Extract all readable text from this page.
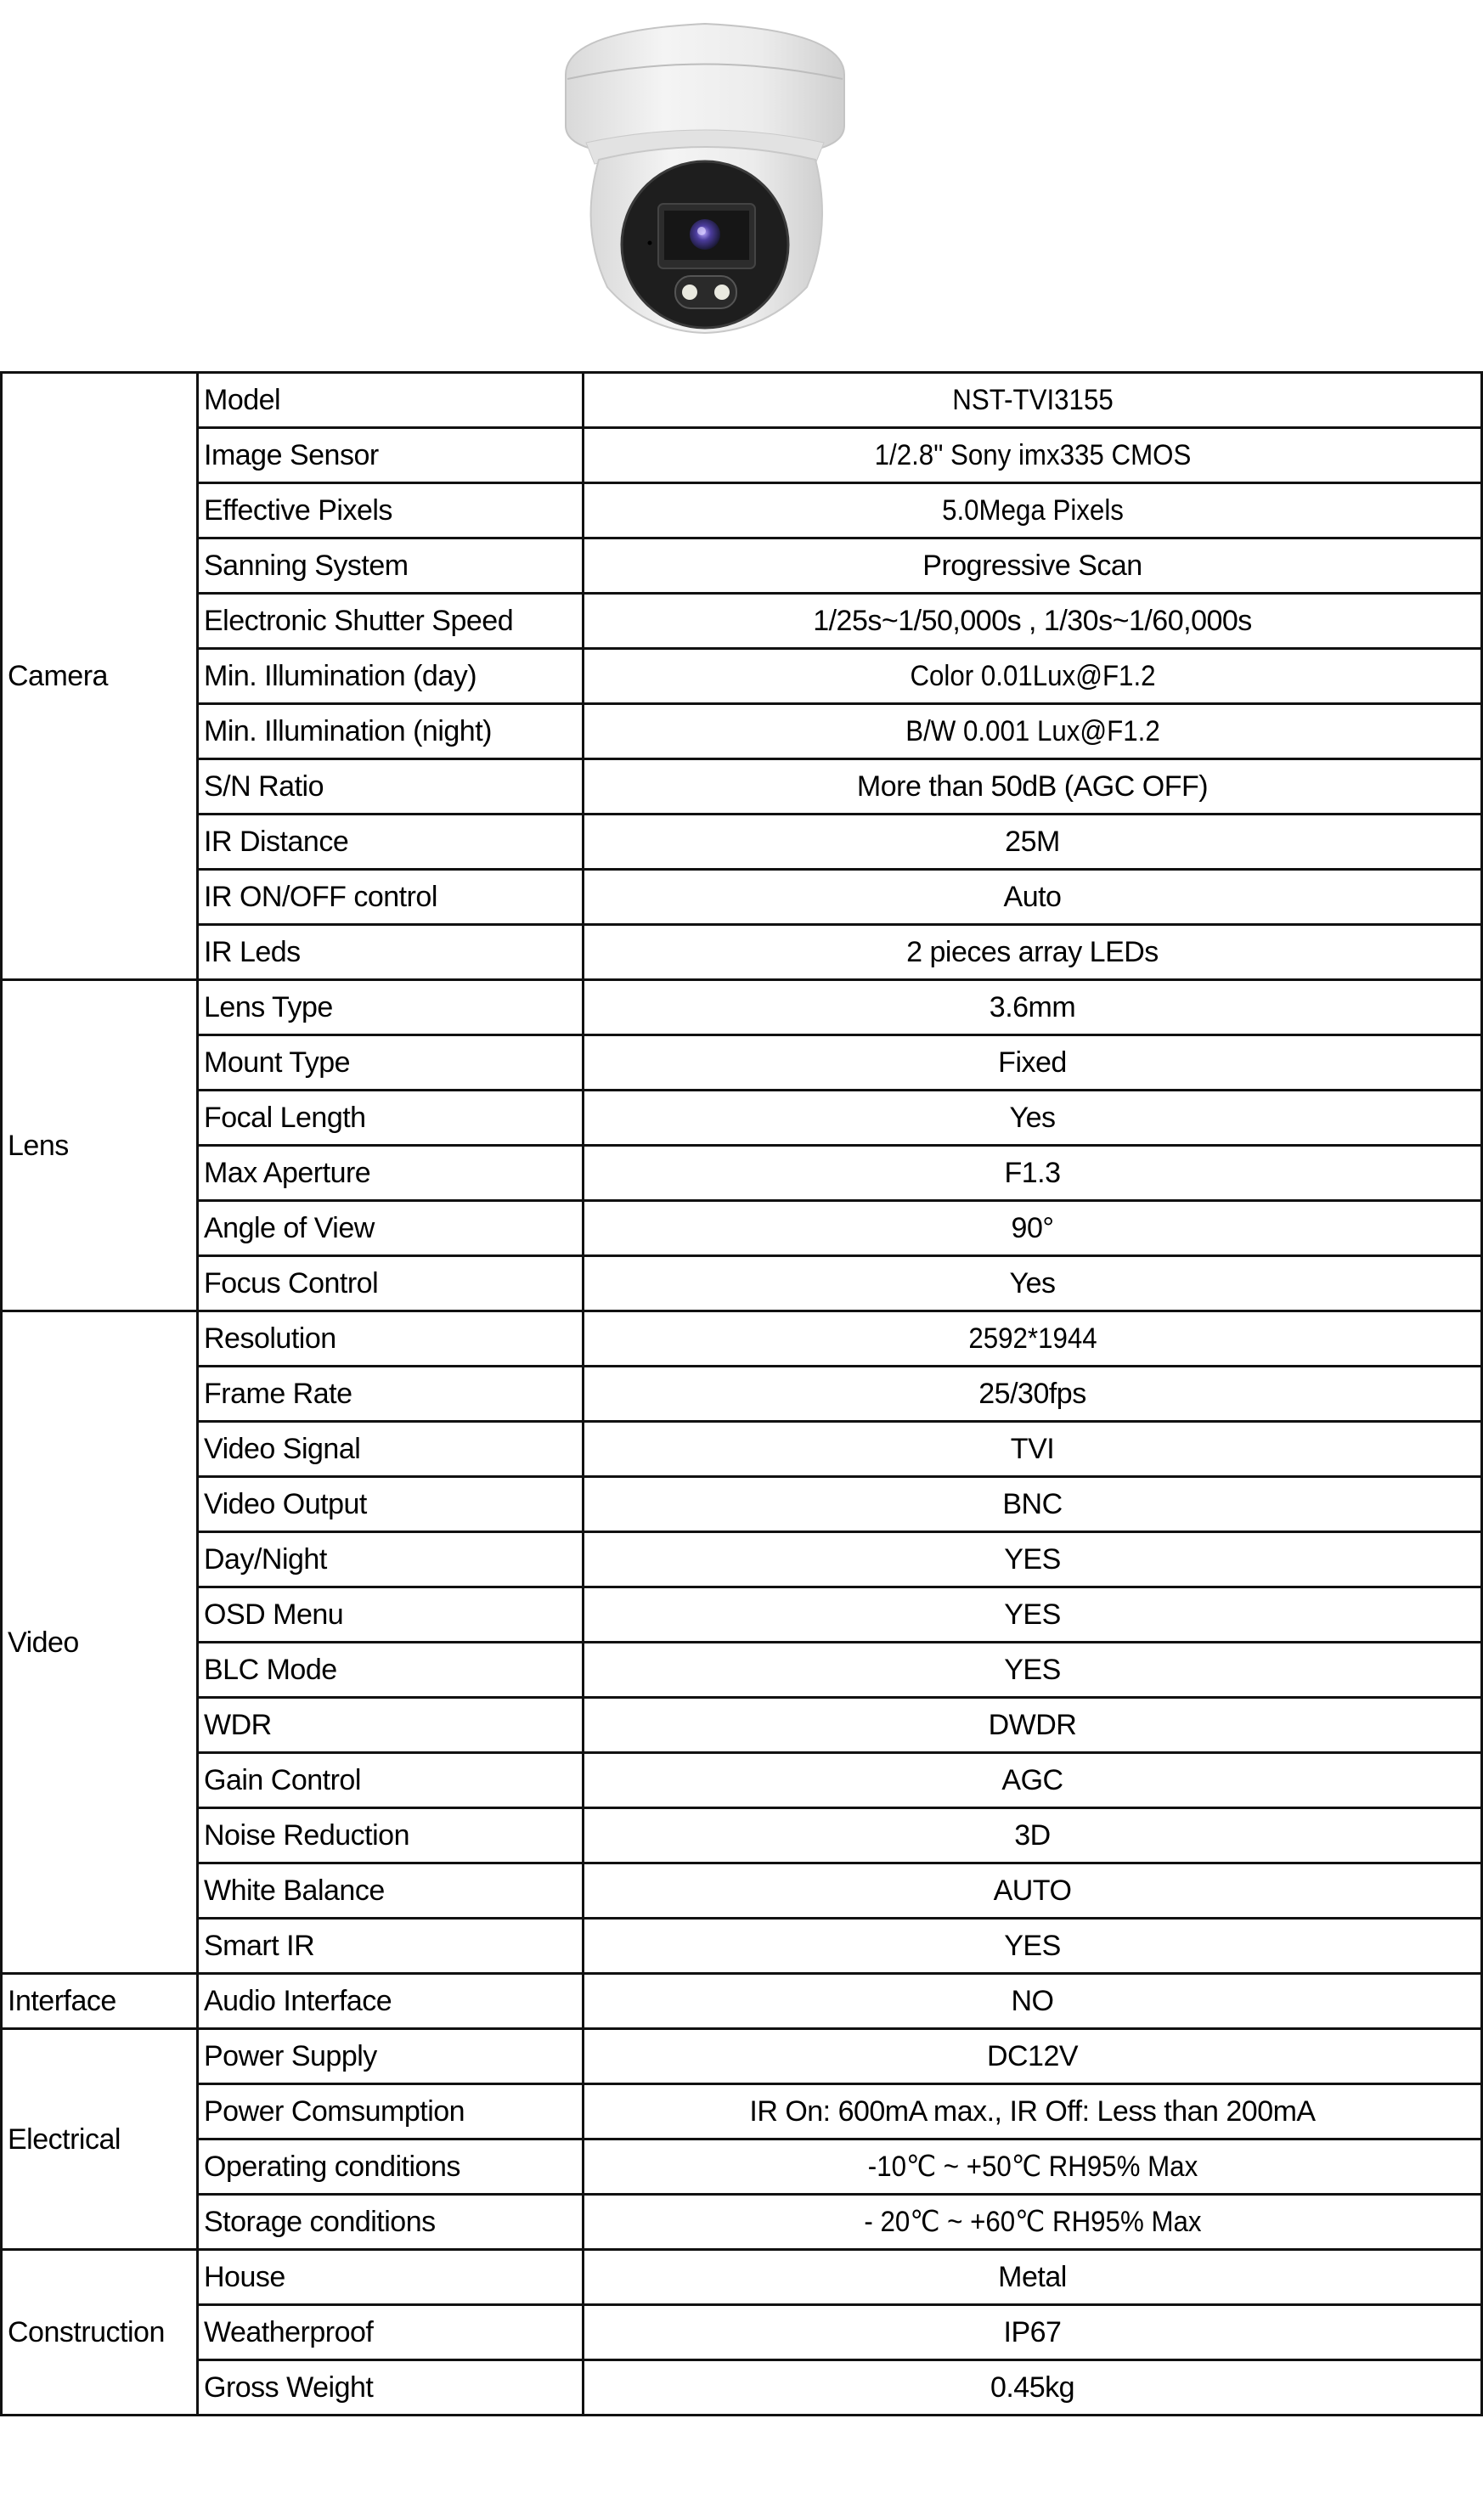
Camera	Model	NST-TVI3155
	Image Sensor	1/2.8" Sony imx335 CMOS
	Effective Pixels	5.0Mega Pixels
	Sanning System	Progressive Scan
	Electronic Shutter Speed	1/25s~1/50,000s , 1/30s~1/60,000s
	Min. Illumination (day)	Color 0.01Lux@F1.2
	Min. Illumination (night)	B/W 0.001 Lux@F1.2
	S/N Ratio	More than 50dB (AGC OFF)
	IR Distance	25M
	IR ON/OFF control	Auto
	IR Leds	2 pieces array LEDs
Lens	Lens Type	3.6mm
	Mount Type	Fixed
	Focal Length	Yes
	Max Aperture	F1.3
	Angle of View	90°
	Focus Control	Yes
Video	Resolution	2592*1944
	Frame Rate	25/30fps
	Video Signal	TVI
	Video Output	BNC
	Day/Night	YES
	OSD Menu	YES
	BLC Mode	YES
	WDR	DWDR
	Gain Control	AGC
	Noise Reduction	3D
	White Balance	AUTO
	Smart IR	YES
Interface	Audio Interface	NO
Electrical	Power Supply	DC12V
	Power Comsumption	IR On: 600mA max., IR Off: Less than 200mA
	Operating conditions	-10℃ ~ +50℃ RH95% Max
	Storage conditions	- 20℃ ~ +60℃ RH95% Max
Construction	House	Metal
	Weatherproof	IP67
	Gross Weight	0.45kg
